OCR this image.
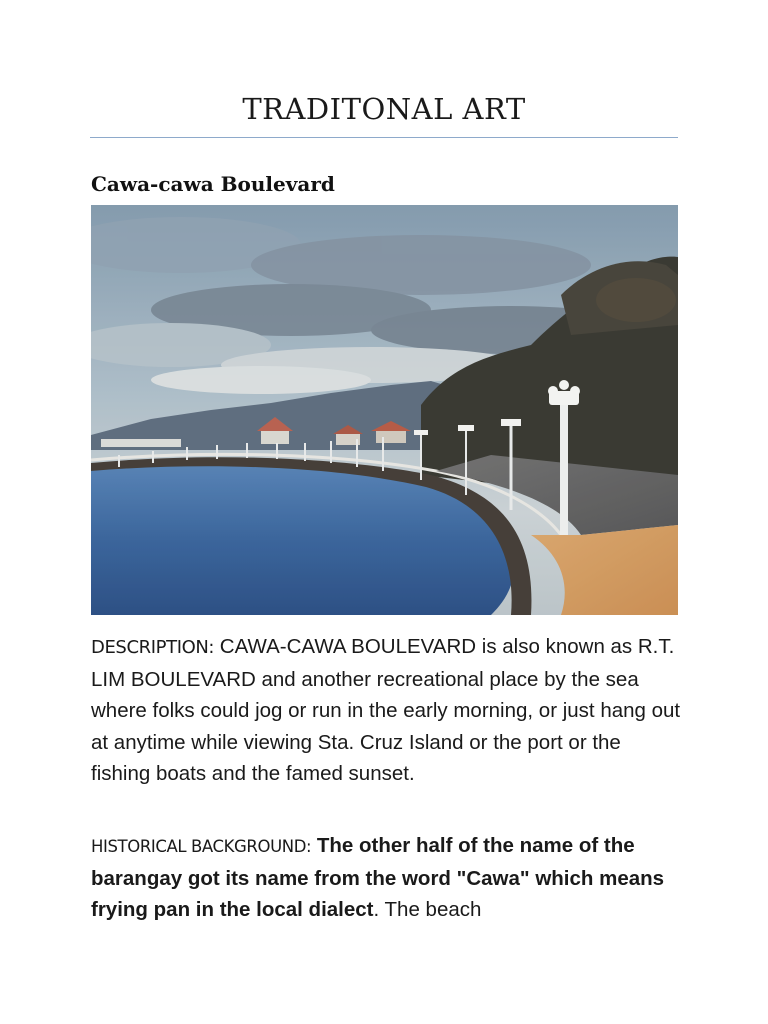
TRADITONAL ART
Cawa-cawa Boulevard
DESCRIPTION: CAWA-CAWA BOULEVARD is also known as R.T. LIM BOULEVARD and another recreational place by the sea where folks could jog or run in the early morning, or just hang out at anytime while viewing Sta. Cruz Island or the port or the fishing boats and the famed sunset.
HISTORICAL BACKGROUND: The other half of the name of the barangay got its name from the word "Cawa" which means frying pan in the local dialect. The beach
